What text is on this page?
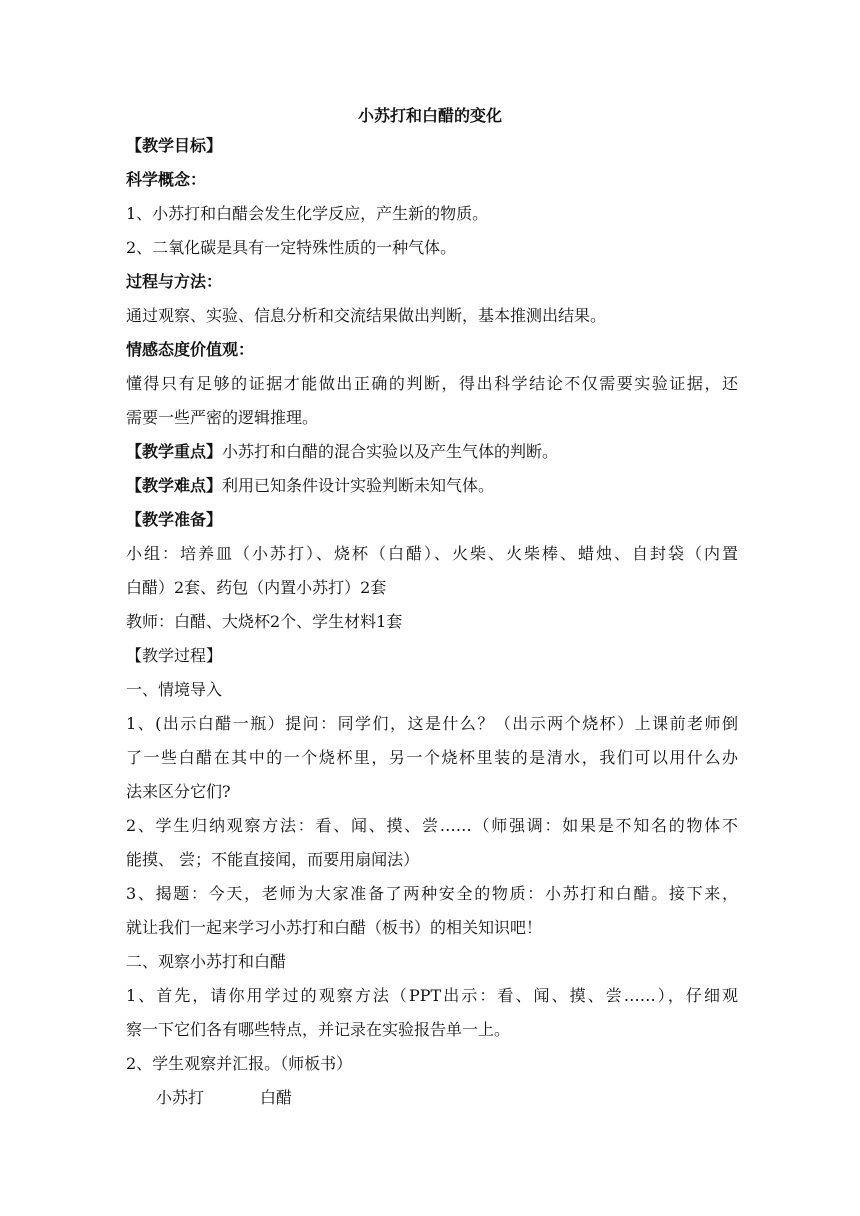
小苏打和白醋的变化
【教学目标】
科学概念：
1、小苏打和白醋会发生化学反应，产生新的物质。
2、二氧化碳是具有一定特殊性质的一种气体。
过程与方法：
通过观察、实验、信息分析和交流结果做出判断，基本推测出结果。
情感态度价值观：
懂得只有足够的证据才能做出正确的判断，得出科学结论不仅需要实验证据，还
需要一些严密的逻辑推理。
【教学重点】小苏打和白醋的混合实验以及产生气体的判断。
【教学难点】利用已知条件设计实验判断未知气体。
【教学准备】
小组：培养皿（小苏打）、烧杯（白醋）、火柴、火柴棒、蜡烛、自封袋（内置
白醋）2套、药包（内置小苏打）2套
教师：白醋、大烧杯2个、学生材料1套
【教学过程】
一、情境导入
1、(出示白醋一瓶）提问：同学们，这是什么？（出示两个烧杯）上课前老师倒
了一些白醋在其中的一个烧杯里，另一个烧杯里装的是清水，我们可以用什么办
法来区分它们?
2、学生归纳观察方法：看、闻、摸、尝……（师强调：如果是不知名的物体不
能摸、 尝；不能直接闻，而要用扇闻法）
3、揭题：今天，老师为大家准备了两种安全的物质：小苏打和白醋。接下来，
就让我们一起来学习小苏打和白醋（板书）的相关知识吧！
二、观察小苏打和白醋
1、首先，请你用学过的观察方法（PPT出示：看、闻、摸、尝……），仔细观
察一下它们各有哪些特点，并记录在实验报告单一上。
2、学生观察并汇报。（师板书）
小苏打	白醋
